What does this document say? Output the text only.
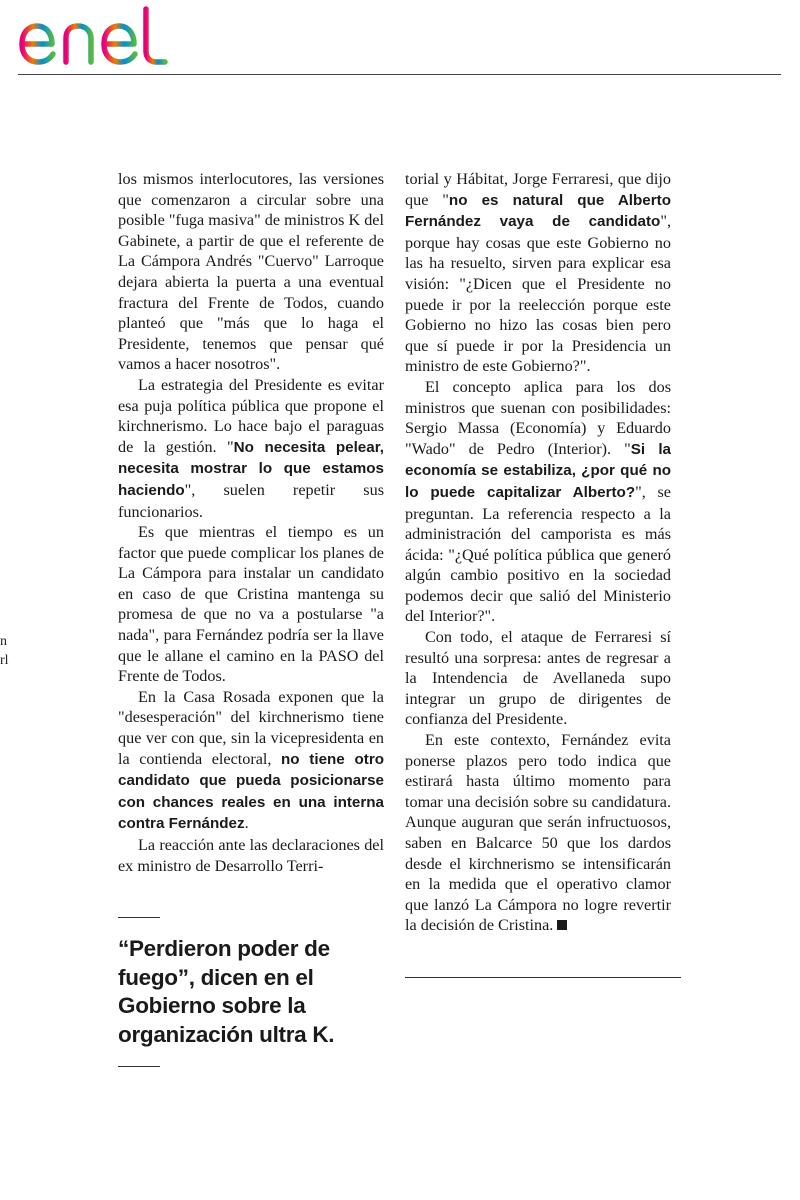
n
rl

los mismos interlocutores, las versiones que comenzaron a circular sobre una posible "fuga masiva" de ministros K del Gabinete, a partir de que el referente de La Cámpora Andrés "Cuervo" Larroque dejara abierta la puerta a una eventual fractura del Frente de Todos, cuando planteó que "más que lo haga el Presidente, tenemos que pensar qué vamos a hacer nosotros".

La estrategia del Presidente es evitar esa puja política pública que propone el kirchnerismo. Lo hace bajo el paraguas de la gestión. "No necesita pelear, necesita mostrar lo que estamos haciendo", suelen repetir sus funcionarios.

Es que mientras el tiempo es un factor que puede complicar los planes de La Cámpora para instalar un candidato en caso de que Cristina mantenga su promesa de que no va a postularse "a nada", para Fernández podría ser la llave que le allane el camino en la PASO del Frente de Todos.

En la Casa Rosada exponen que la "desesperación" del kirchnerismo tiene que ver con que, sin la vicepresidenta en la contienda electoral, no tiene otro candidato que pueda posicionarse con chances reales en una interna contra Fernández.

La reacción ante las declaraciones del ex ministro de Desarrollo Terri-

torial y Hábitat, Jorge Ferraresi, que dijo que "no es natural que Alberto Fernández vaya de candidato", porque hay cosas que este Gobierno no las ha resuelto, sirven para explicar esa visión: "¿Dicen que el Presidente no puede ir por la reelección porque este Gobierno no hizo las cosas bien pero que sí puede ir por la Presidencia un ministro de este Gobierno?".

El concepto aplica para los dos ministros que suenan con posibilidades: Sergio Massa (Economía) y Eduardo "Wado" de Pedro (Interior). "Si la economía se estabiliza, ¿por qué no lo puede capitalizar Alberto?", se preguntan. La referencia respecto a la administración del camporista es más ácida: "¿Qué política pública que generó algún cambio positivo en la sociedad podemos decir que salió del Ministerio del Interior?".

Con todo, el ataque de Ferraresi sí resultó una sorpresa: antes de regresar a la Intendencia de Avellaneda supo integrar un grupo de dirigentes de confianza del Presidente.

En este contexto, Fernández evita ponerse plazos pero todo indica que estirará hasta último momento para tomar una decisión sobre su candidatura. Aunque auguran que serán infructuosos, saben en Balcarce 50 que los dardos desde el kirchnerismo se intensificarán en la medida que el operativo clamor que lanzó La Cámpora no logre revertir la decisión de Cristina.

“Perdieron poder de fuego”, dicen en el Gobierno sobre la organización ultra K.
